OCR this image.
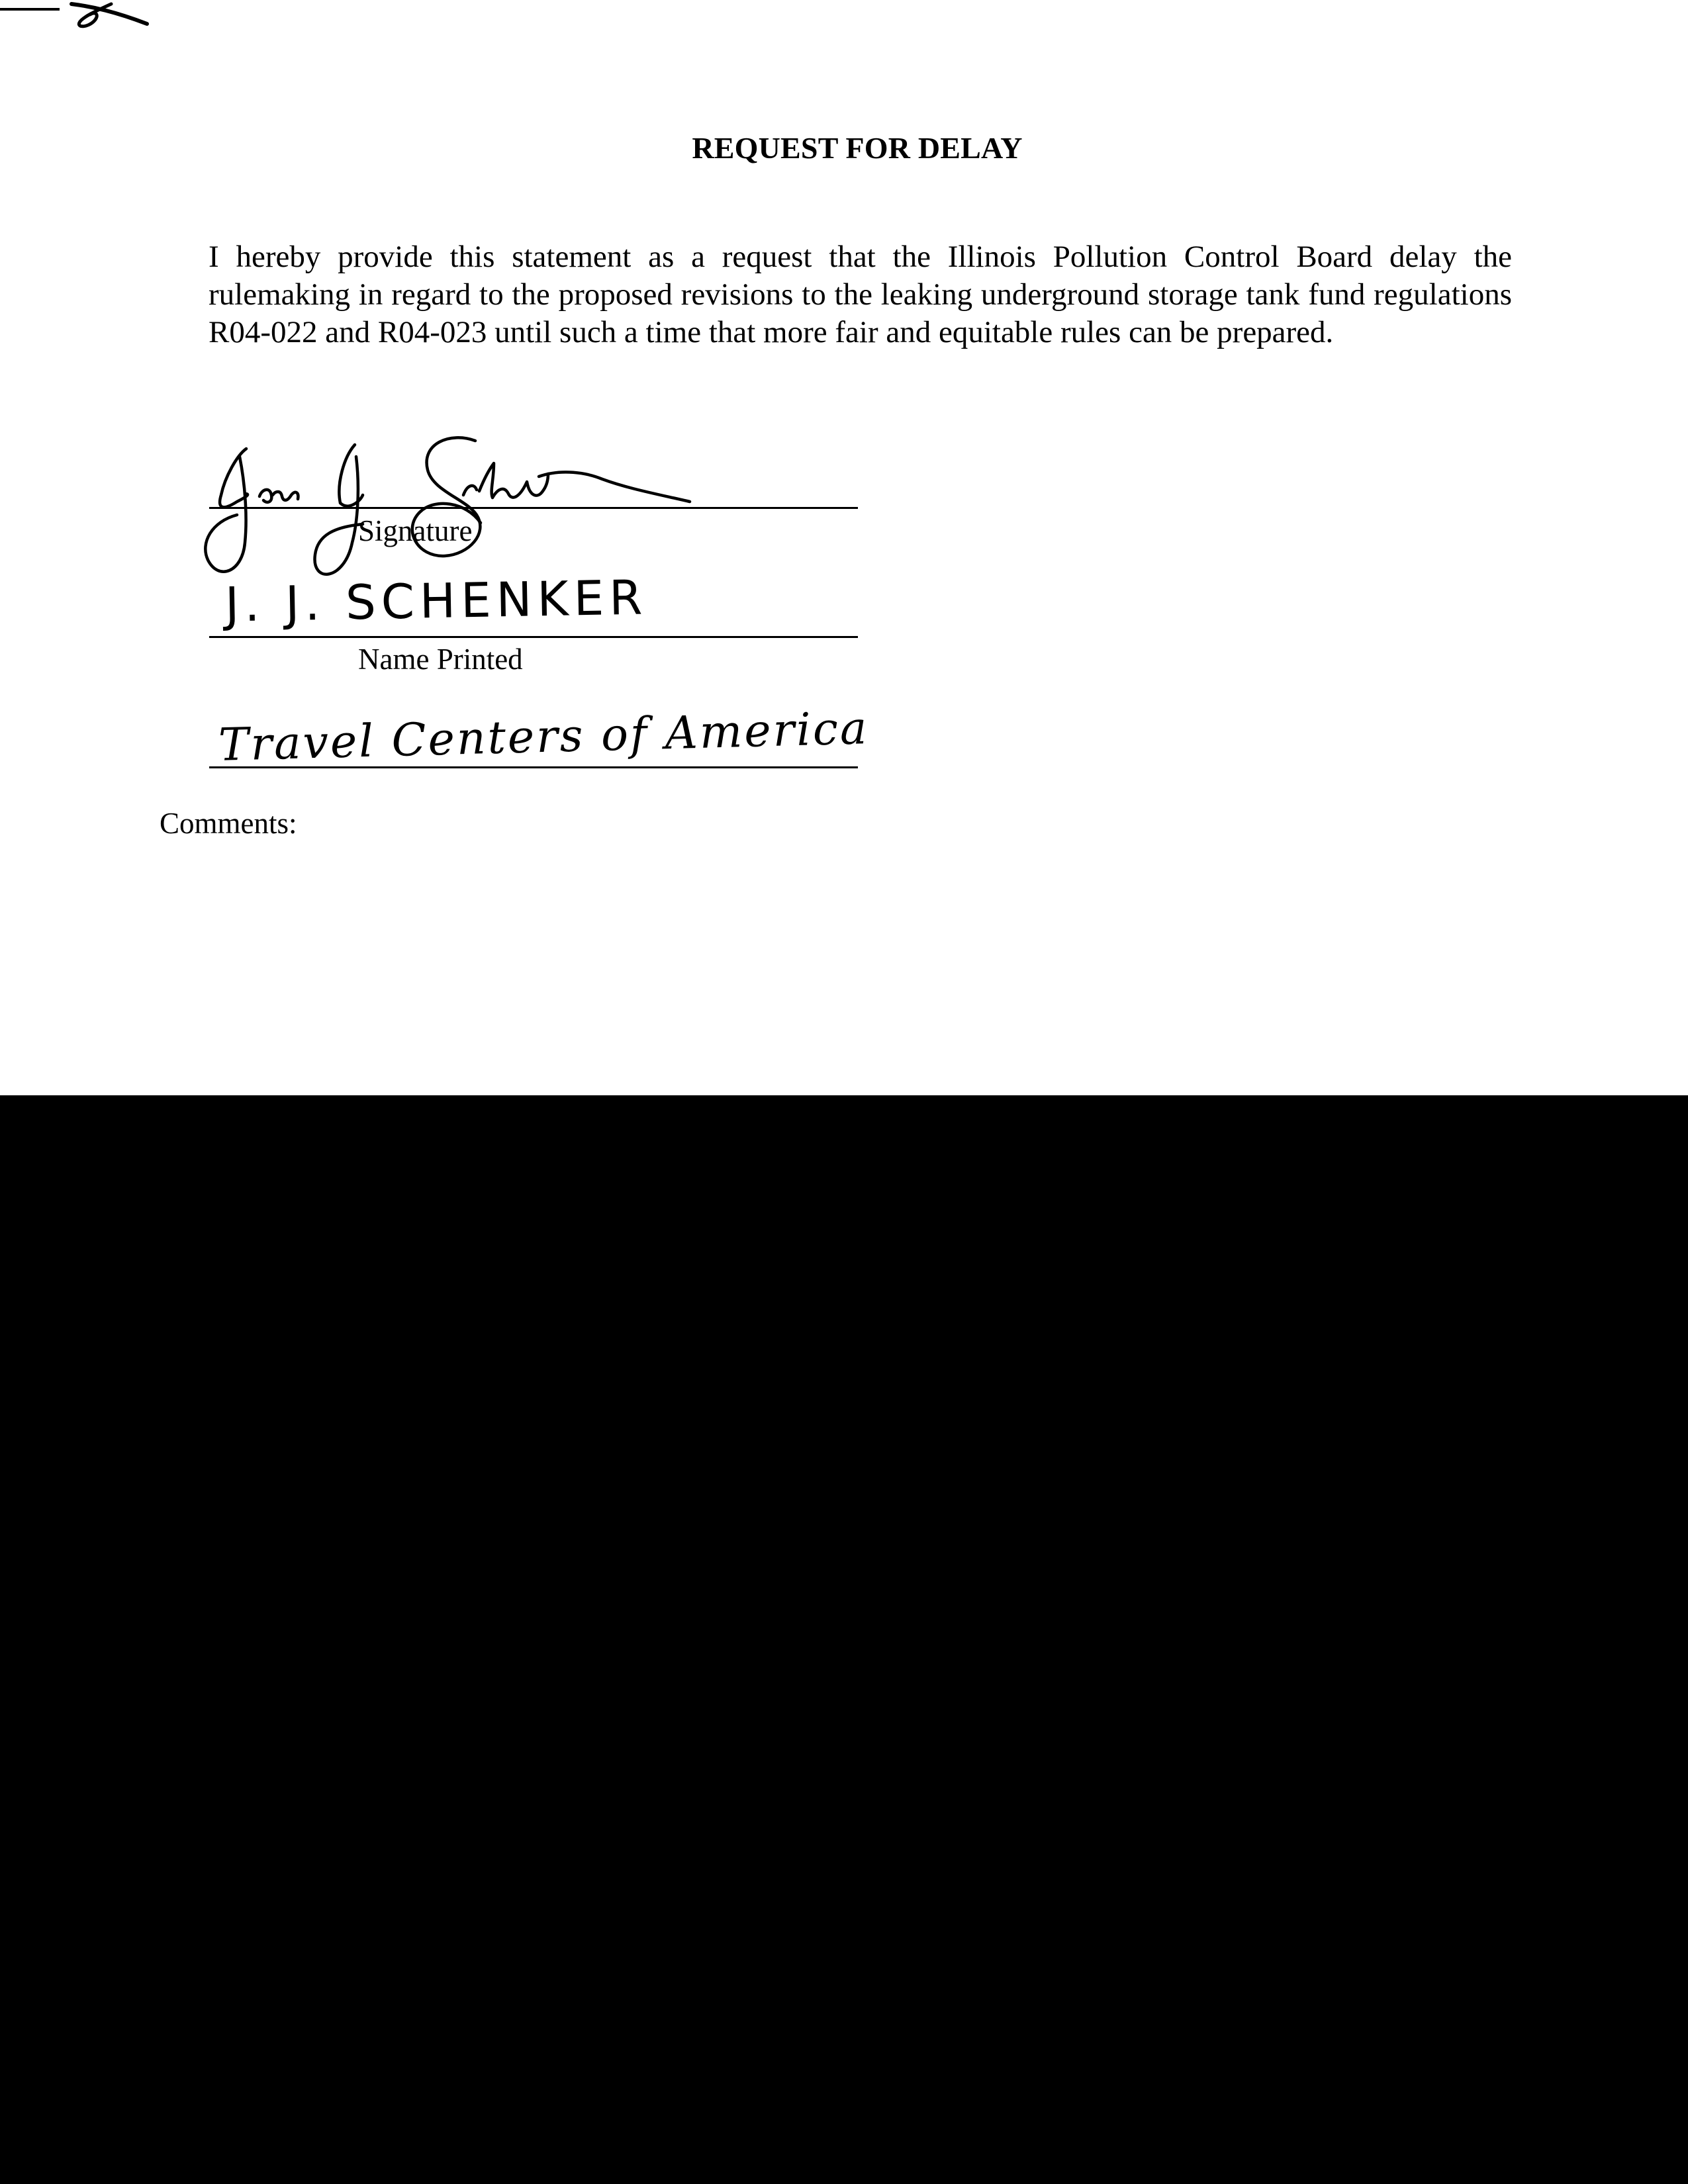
REQUEST FOR DELAY
I hereby provide this statement as a request that the Illinois Pollution Control Board delay the rulemaking in regard to the proposed revisions to the leaking underground storage tank fund regulations R04-022 and R04-023 until such a time that more fair and equitable rules can be prepared.
Signature
J. J. SCHENKER
Name Printed
Travel Centers of America
Comments:
